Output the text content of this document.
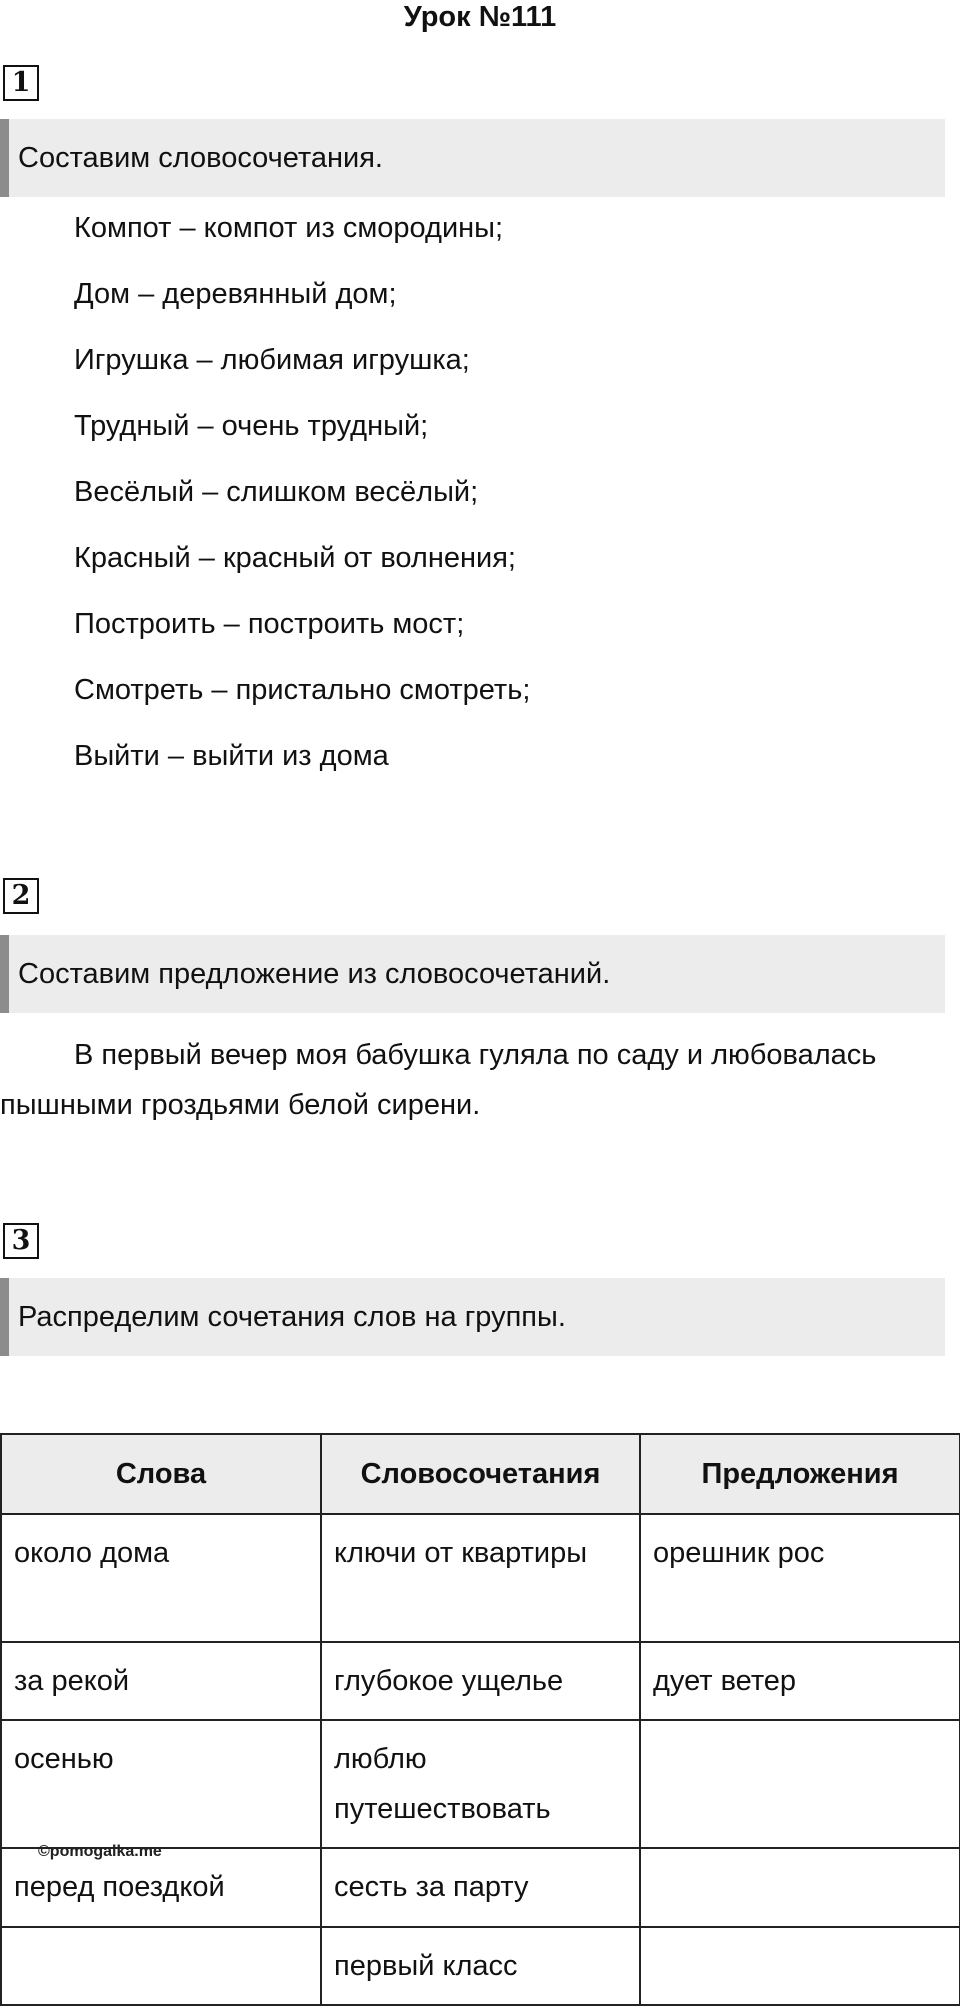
Урок №111
1
Составим словосочетания.
Компот – компот из смородины;
Дом – деревянный дом;
Игрушка – любимая игрушка;
Трудный – очень трудный;
Весёлый – слишком весёлый;
Красный – красный от волнения;
Построить – построить мост;
Смотреть – пристально смотреть;
Выйти – выйти из дома
2
Составим предложение из словосочетаний.

В первый вечер моя бабушка гуляла по саду и любовалась пышными гроздьями белой сирени.

3
Распределим сочетания слов на группы.
Слова	Словосочетания	Предложения
около дома	ключи от квартиры	орешник рос
за рекой	глубокое ущелье	дует ветер
осенью	люблю путешествовать	
перед поездкой	сесть за парту	
	первый класс	
©pomogalka.me
